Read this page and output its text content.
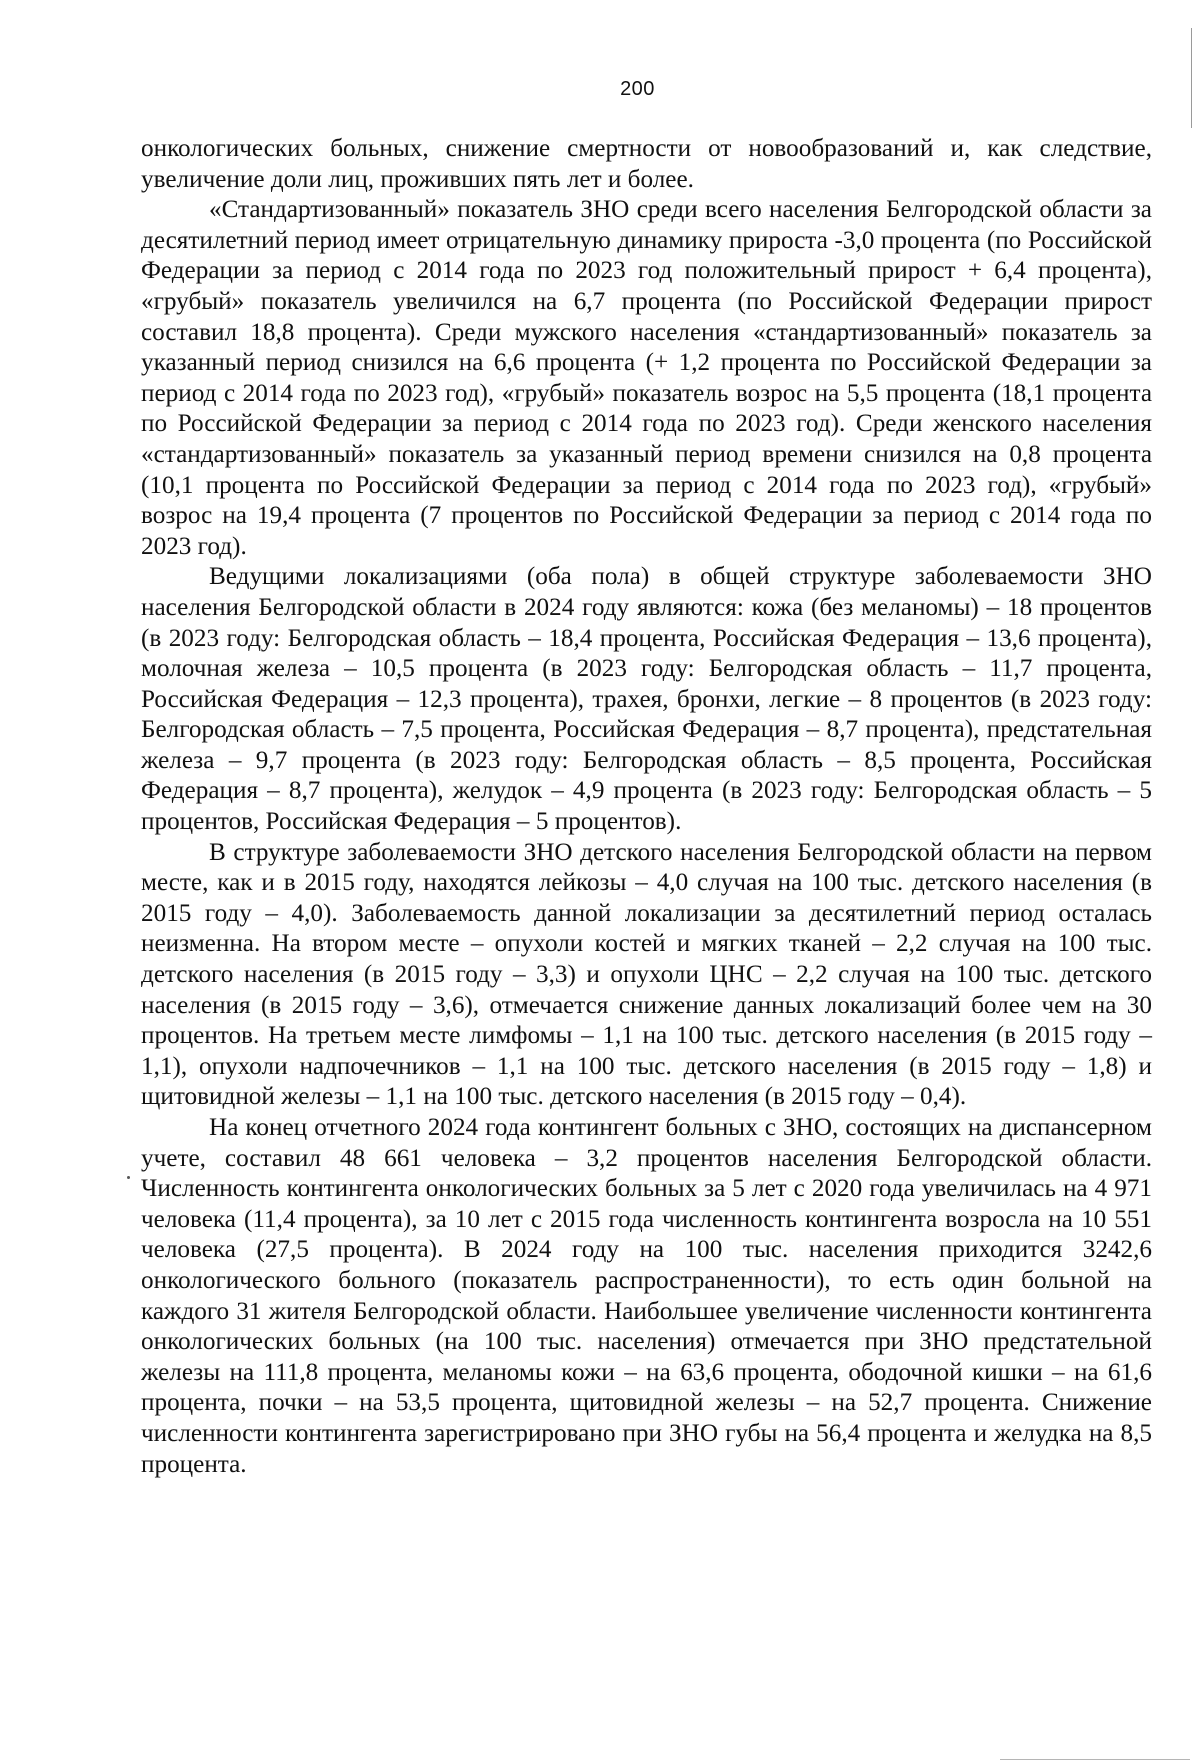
200

онкологических больных, снижение смертности от новообразований и, как следствие, увеличение доли лиц, проживших пять лет и более.

«Стандартизованный» показатель ЗНО среди всего населения Белгородской области за десятилетний период имеет отрицательную динамику прироста -3,0 процента (по Российской Федерации за период с 2014 года по 2023 год положительный прирост + 6,4 процента), «грубый» показатель увеличился на 6,7 процента (по Российской Федерации прирост составил 18,8 процента). Среди мужского населения «стандартизованный» показатель за указанный период снизился на 6,6 процента (+ 1,2 процента по Российской Федерации за период с 2014 года по 2023 год), «грубый» показатель возрос на 5,5 процента (18,1 процента по Российской Федерации за период с 2014 года по 2023 год). Среди женского населения «стандартизованный» показатель за указанный период времени снизился на 0,8 процента (10,1 процента по Российской Федерации за период с 2014 года по 2023 год), «грубый» возрос на 19,4 процента (7 процентов по Российской Федерации за период с 2014 года по 2023 год).

Ведущими локализациями (оба пола) в общей структуре заболеваемости ЗНО населения Белгородской области в 2024 году являются: кожа (без меланомы) – 18 процентов (в 2023 году: Белгородская область – 18,4 процента, Российская Федерация – 13,6 процента), молочная железа – 10,5 процента (в 2023 году: Белгородская область – 11,7 процента, Российская Федерация – 12,3 процента), трахея, бронхи, легкие – 8 процентов (в 2023 году: Белгородская область – 7,5 процента, Российская Федерация – 8,7 процента), предстательная железа – 9,7 процента (в 2023 году: Белгородская область – 8,5 процента, Российская Федерация – 8,7 процента), желудок – 4,9 процента (в 2023 году: Белгородская область – 5 процентов, Российская Федерация – 5 процентов).

В структуре заболеваемости ЗНО детского населения Белгородской области на первом месте, как и в 2015 году, находятся лейкозы – 4,0 случая на 100 тыс. детского населения (в 2015 году – 4,0). Заболеваемость данной локализации за десятилетний период осталась неизменна. На втором месте – опухоли костей и мягких тканей – 2,2 случая на 100 тыс. детского населения (в 2015 году – 3,3) и опухоли ЦНС – 2,2 случая на 100 тыс. детского населения (в 2015 году – 3,6), отмечается снижение данных локализаций более чем на 30 процентов. На третьем месте лимфомы – 1,1 на 100 тыс. детского населения (в 2015 году – 1,1), опухоли надпочечников – 1,1 на 100 тыс. детского населения (в 2015 году – 1,8) и щитовидной железы – 1,1 на 100 тыс. детского населения (в 2015 году – 0,4).

На конец отчетного 2024 года контингент больных с ЗНО, состоящих на диспансерном учете, составил 48 661 человека – 3,2 процентов населения Белгородской области. Численность контингента онкологических больных за 5 лет с 2020 года увеличилась на 4 971 человека (11,4 процента), за 10 лет с 2015 года численность контингента возросла на 10 551 человека (27,5 процента). В 2024 году на 100 тыс. населения приходится 3242,6 онкологического больного (показатель распространенности), то есть один больной на каждого 31 жителя Белгородской области. Наибольшее увеличение численности контингента онкологических больных (на 100 тыс. населения) отмечается при ЗНО предстательной железы на 111,8 процента, меланомы кожи – на 63,6 процента, ободочной кишки – на 61,6 процента, почки – на 53,5 процента, щитовидной железы – на 52,7 процента. Снижение численности контингента зарегистрировано при ЗНО губы на 56,4 процента и желудка на 8,5 процента.
